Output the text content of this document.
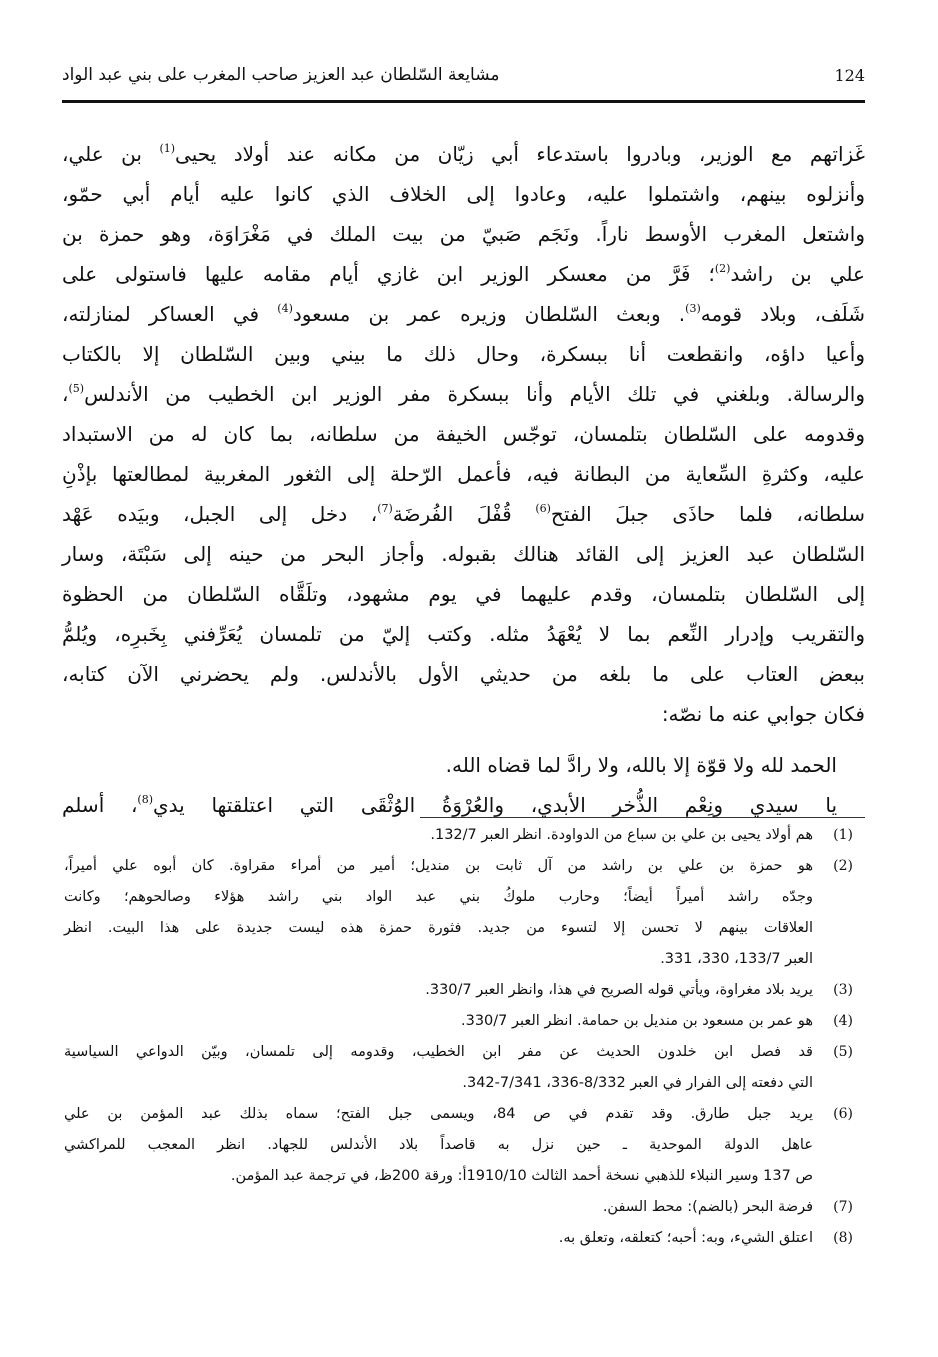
مشايعة السّلطان عبد العزيز صاحب المغرب على بني عبد الواد	124
غَزاتهم مع الوزير، وبادروا باستدعاء أبي زيّان من مكانه عند أولاد يحيى$^{(1)}$ بن علي،
وأنزلوه بينهم، واشتملوا عليه، وعادوا إلى الخلاف الذي كانوا عليه أيام أبي حمّو،
واشتعل المغرب الأوسط ناراً. ونَجَم صَبيّ من بيت الملك في مَغْرَاوَة، وهو حمزة بن
علي بن راشد$^{(2)}$؛ فَرَّ من معسكر الوزير ابن غازي أيام مقامه عليها فاستولى على
شَلَف، وبلاد قومه$^{(3)}$. وبعث السّلطان وزيره عمر بن مسعود$^{(4)}$ في العساكر لمنازلته،
وأعيا داؤه، وانقطعت أنا ببسكرة، وحال ذلك ما بيني وبين السّلطان إلا بالكتاب
والرسالة. وبلغني في تلك الأيام وأنا ببسكرة مفر الوزير ابن الخطيب من الأندلس$^{(5)}$،
وقدومه على السّلطان بتلمسان، توجّس الخيفة من سلطانه، بما كان له من الاستبداد
عليه، وكثرةِ السِّعاية من البطانة فيه، فأعمل الرّحلة إلى الثغور المغربية لمطالعتها بإذْنِ
سلطانه، فلما حاذَى جبلَ الفتح$^{(6)}$ قُفْلَ الفُرضَة$^{(7)}$، دخل إلى الجبل، وبيَده عَهْد
السّلطان عبد العزيز إلى القائد هنالك بقبوله. وأجاز البحر من حينه إلى سَبْتَة، وسار
إلى السّلطان بتلمسان، وقدم عليهما في يوم مشهود، وتلَقَّاه السّلطان من الحظوة
والتقريب وإدرار النِّعم بما لا يُعْهَدُ مثله. وكتب إليّ من تلمسان يُعَرِّفني بِخَبرِه، ويُلمُّ
ببعض العتاب على ما بلغه من حديثي الأول بالأندلس. ولم يحضرني الآن كتابه،
فكان جوابي عنه ما نصّه:
الحمد لله ولا قوّة إلا بالله، ولا رادَّ لما قضاه الله.
يا سيدي ونِعْم الذُّخر الأبدي، والعُرْوَةُ الوُثْقَى التي اعتلقتها يدي$^{(8)}$، أسلم
(1)
هم أولاد يحيى بن علي بن سباع من الدواودة. انظر العبر 132/7.
(2)
هو حمزة بن علي بن راشد من آل ثابت بن منديل؛ أمير من أمراء مقراوة. كان أبوه علي أميراً،
وجدّه راشد أميراً أيضاً؛ وحارب ملوكُ بني عبد الواد بني راشد هؤلاء وصالحوهم؛ وكانت
العلاقات بينهم لا تحسن إلا لتسوء من جديد. فثورة حمزة هذه ليست جديدة على هذا البيت. انظر
العبر 133/7، 330، 331.
(3)
يريد بلاد مغراوة، ويأتي قوله الصريح في هذا، وانظر العبر 330/7.
(4)
هو عمر بن مسعود بن منديل بن حمامة. انظر العبر 330/7.
(5)
قد فصل ابن خلدون الحديث عن مفر ابن الخطيب، وقدومه إلى تلمسان، وبيّن الدواعي السياسية
التي دفعته إلى الفرار في العبر 8/332-336، 7/341-342.
(6)
يريد جبل طارق. وقد تقدم في ص 84، ويسمى جبل الفتح؛ سماه بذلك عبد المؤمن بن علي
عاهل الدولة الموحدية ـ حين نزل به قاصداً بلاد الأندلس للجهاد. انظر المعجب للمراكشي
ص 137 وسير النبلاء للذهبي نسخة أحمد الثالث 1910/10أ: ورقة 200ظ، في ترجمة عبد المؤمن.
(7)
فرضة البحر (بالضم): محط السفن.
(8)
اعتلق الشيء، وبه: أحبه؛ كتعلقه، وتعلق به.
